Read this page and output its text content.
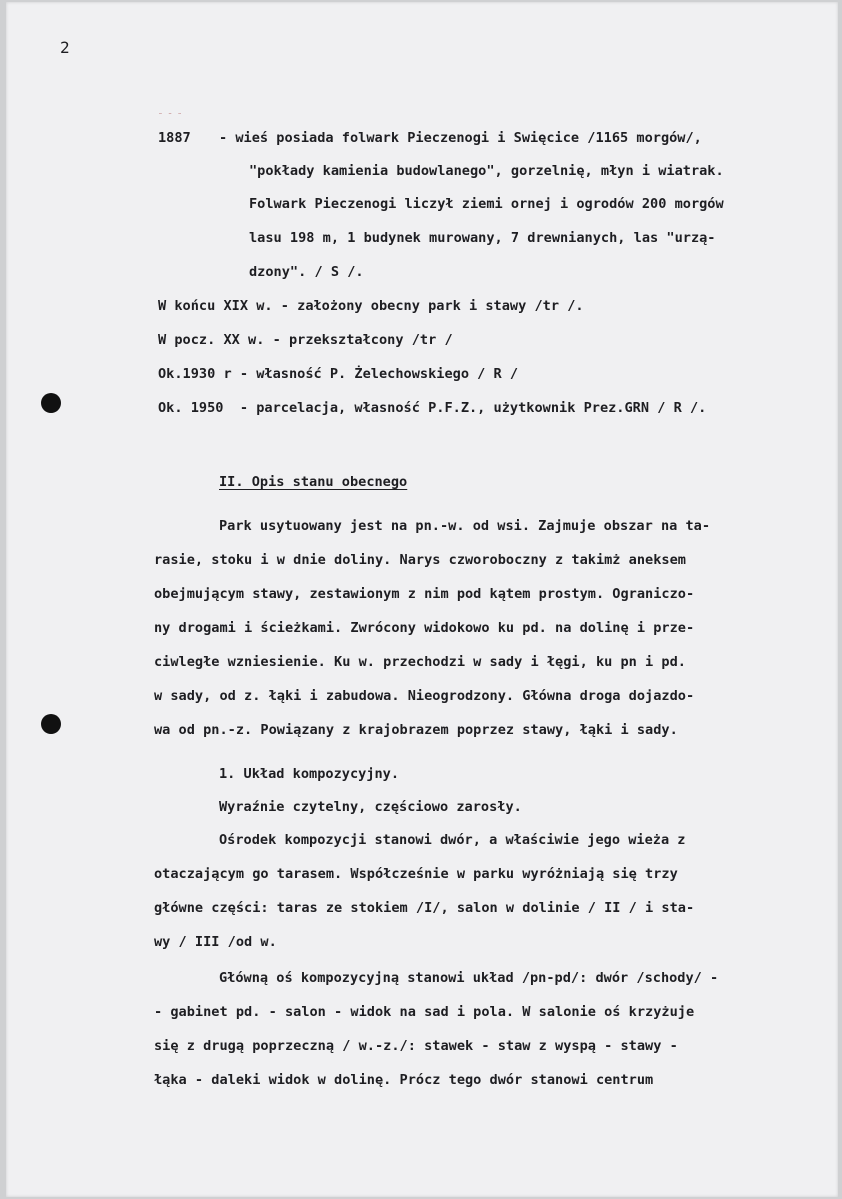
2
˜ ˜ ˜
1887 - wieś posiada folwark Pieczenogi i Swięcice /1165 morgów/,
"pokłady kamienia budowlanego", gorzelnię, młyn i wiatrak.
Folwark Pieczenogi liczył ziemi ornej i ogrodów 200 morgów
lasu 198 m, 1 budynek murowany, 7 drewnianych, las "urzą-
dzony". / S /.
W końcu XIX w. - założony obecny park i stawy /tr /.
W pocz. XX w. - przekształcony /tr /
Ok.1930 r - własność P. Żelechowskiego / R /
Ok. 1950  - parcelacja, własność P.F.Z., użytkownik Prez.GRN / R /.
II. Opis stanu obecnego
Park usytuowany jest na pn.-w. od wsi. Zajmuje obszar na ta-
rasie, stoku i w dnie doliny. Narys czworoboczny z takimż aneksem
obejmującym stawy, zestawionym z nim pod kątem prostym. Ograniczo-
ny drogami i ścieżkami. Zwrócony widokowo ku pd. na dolinę i prze-
ciwległe wzniesienie. Ku w. przechodzi w sady i łęgi, ku pn i pd.
w sady, od z. łąki i zabudowa. Nieogrodzony. Główna droga dojazdo-
wa od pn.-z. Powiązany z krajobrazem poprzez stawy, łąki i sady.
1. Układ kompozycyjny.
Wyraźnie czytelny, częściowo zarosły.
Ośrodek kompozycji stanowi dwór, a właściwie jego wieża z
otaczającym go tarasem. Współcześnie w parku wyróżniają się trzy
główne części: taras ze stokiem /I/, salon w dolinie / II / i sta-
wy / III /od w.
Główną oś kompozycyjną stanowi układ /pn-pd/: dwór /schody/ -
- gabinet pd. - salon - widok na sad i pola. W salonie oś krzyżuje
się z drugą poprzeczną / w.-z./: stawek - staw z wyspą - stawy -
łąka - daleki widok w dolinę. Prócz tego dwór stanowi centrum
